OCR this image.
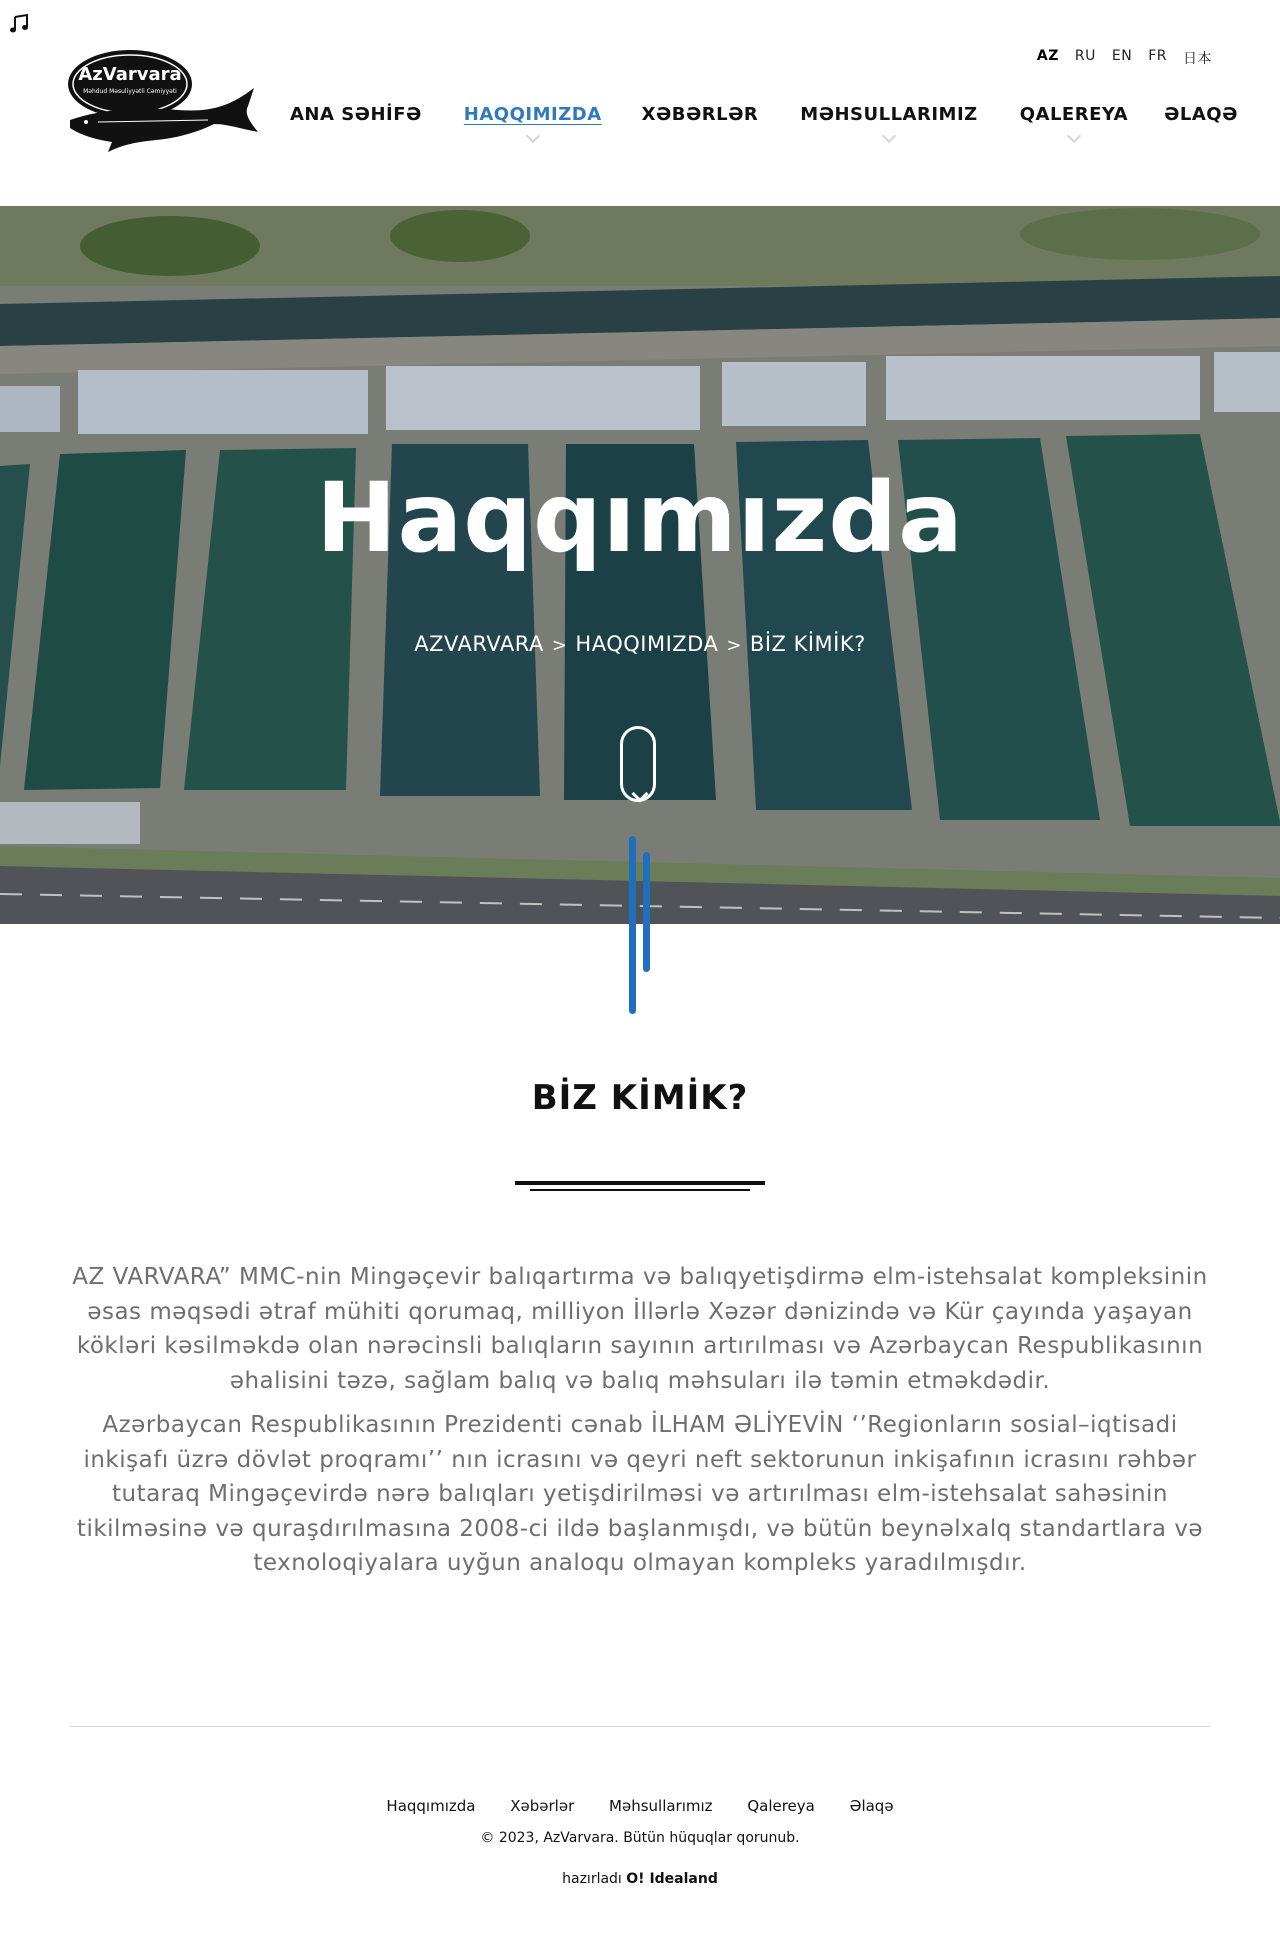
AzVarvara
Məhdud Məsuliyyətli Cəmiyyəti
AZ RU EN FR 日本
ANA SƏHİFƏ HAQQIMIZDA XƏBƏRLƏR MƏHSULLARIMIZ QALEREYA ƏLAQƏ
Haqqımızda
AZVARVARA > HAQQIMIZDA > BİZ KİMİK?
BİZ KİMİK?

AZ VARVARA” MMC-nin Mingəçevir balıqartırma və balıqyetişdirmə elm-istehsalat kompleksinin əsas məqsədi ətraf mühiti qorumaq, milliyon İllərlə Xəzər dənizində və Kür çayında yaşayan kökləri kəsilməkdə olan nərəcinsli balıqların sayının artırılması və Azərbaycan Respublikasının əhalisini təzə, sağlam balıq və balıq məhsuları ilə təmin etməkdədir.

Azərbaycan Respublikasının Prezidenti cənab İLHAM ƏLİYEVİN ‘’Regionların sosial–iqtisadi inkişafı üzrə dövlət proqramı’’ nın icrasını və qeyri neft sektorunun inkişafının icrasını rəhbər tutaraq Mingəçevirdə nərə balıqları yetişdirilməsi və artırılması elm-istehsalat sahəsinin tikilməsinə və quraşdırılmasına 2008-ci ildə başlanmışdı, və bütün beynəlxalq standartlara və texnoloqiyalara uyğun analoqu olmayan kompleks yaradılmışdır.

Haqqımızda Xəbərlər Məhsullarımız Qalereya Əlaqə
© 2023, AzVarvara. Bütün hüquqlar qorunub.
hazırladı O! Idealand
